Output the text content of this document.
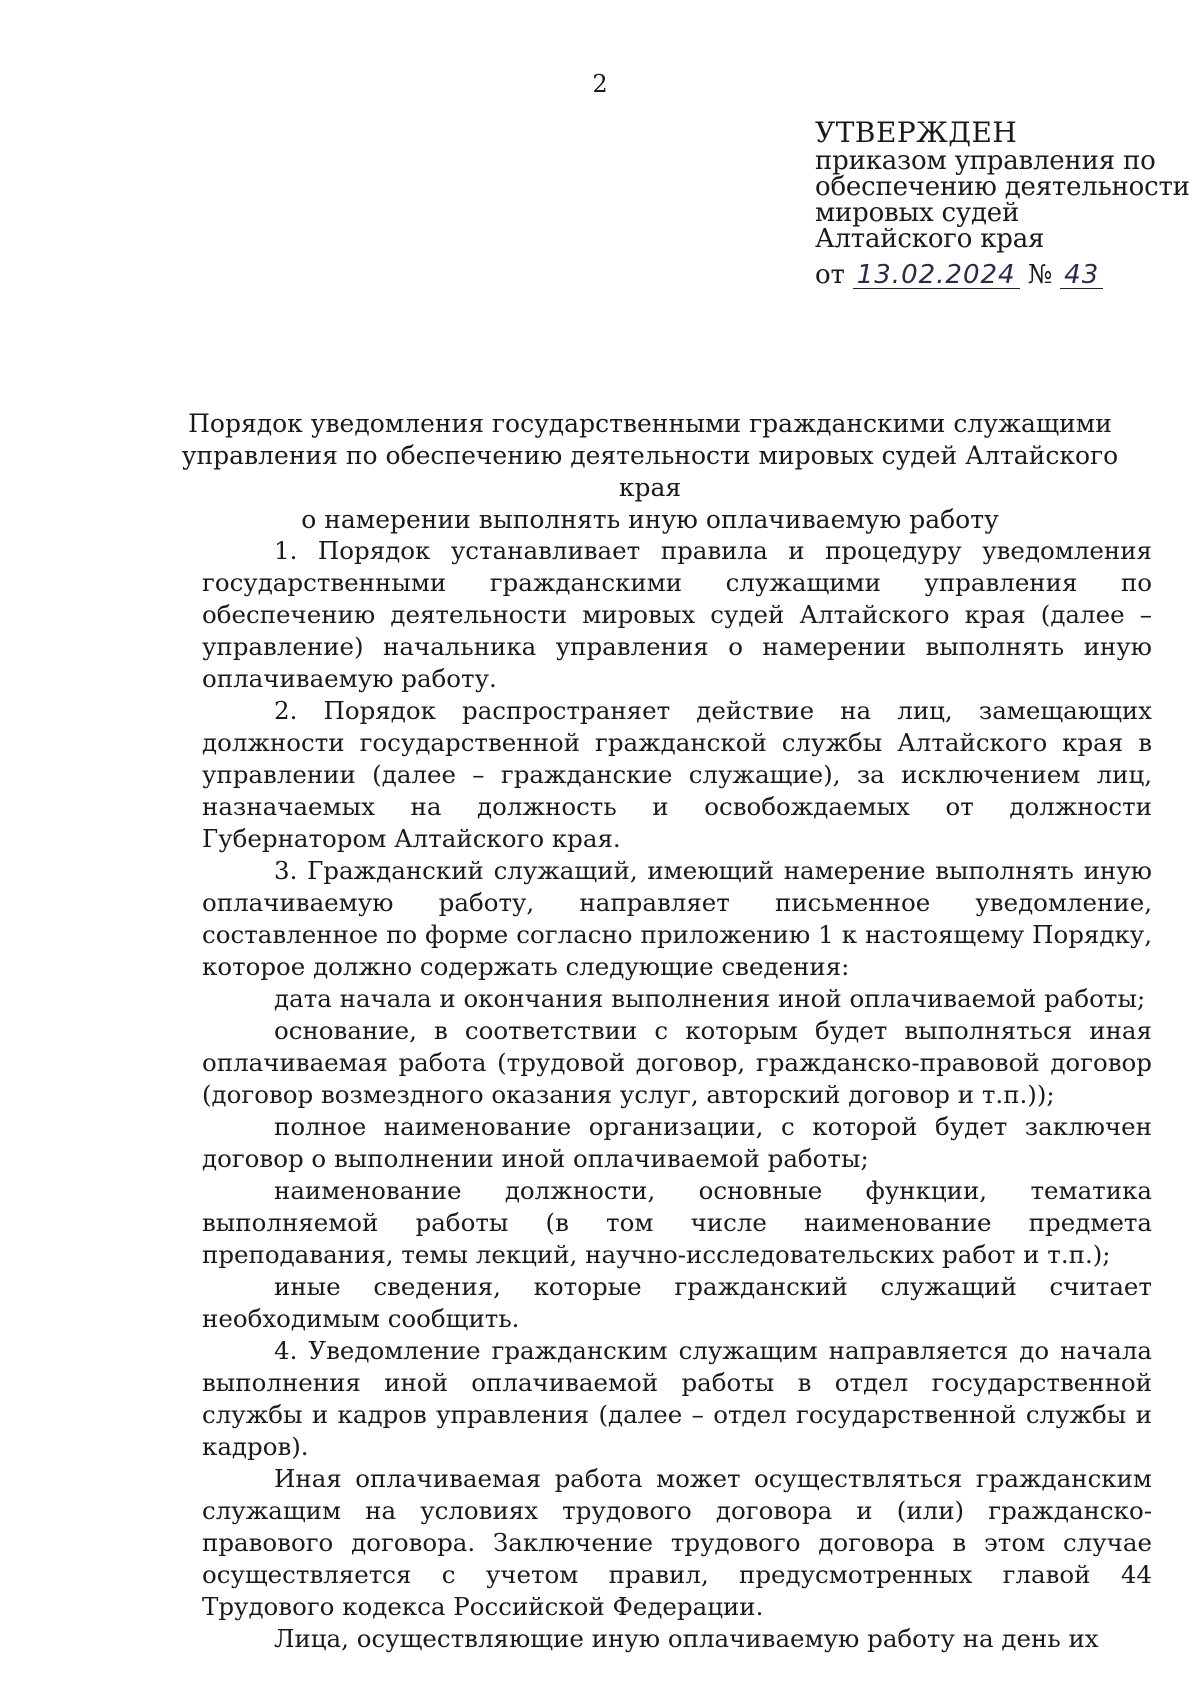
2
УТВЕРЖДЕН
приказом управления по
обеспечению деятельности
мировых судей
Алтайского края
от 13.02.2024 № 43
Порядок уведомления государственными гражданскими служащими
управления по обеспечению деятельности мировых судей Алтайского края
о намерении выполнять иную оплачиваемую работу

1. Порядок устанавливает правила и процедуру уведомления государственными гражданскими служащими управления по обеспечению деятельности мировых судей Алтайского края (далее – управление) начальника управления о намерении выполнять иную оплачиваемую работу.

2. Порядок распространяет действие на лиц, замещающих должности государственной гражданской службы Алтайского края в управлении (далее – гражданские служащие), за исключением лиц, назначаемых на должность и освобождаемых от должности Губернатором Алтайского края.

3. Гражданский служащий, имеющий намерение выполнять иную оплачиваемую работу, направляет письменное уведомление, составленное по форме согласно приложению 1 к настоящему Порядку, которое должно содержать следующие сведения:

дата начала и окончания выполнения иной оплачиваемой работы;

основание, в соответствии с которым будет выполняться иная оплачиваемая работа (трудовой договор, гражданско-правовой договор (договор возмездного оказания услуг, авторский договор и т.п.));

полное наименование организации, с которой будет заключен договор о выполнении иной оплачиваемой работы;

наименование должности, основные функции, тематика выполняемой работы (в том числе наименование предмета преподавания, темы лекций, научно-исследовательских работ и т.п.);

иные сведения, которые гражданский служащий считает необходимым сообщить.

4. Уведомление гражданским служащим направляется до начала выполнения иной оплачиваемой работы в отдел государственной службы и кадров управления (далее – отдел государственной службы и кадров).

Иная оплачиваемая работа может осуществляться гражданским служащим на условиях трудового договора и (или) гражданско-правового договора. Заключение трудового договора в этом случае осуществляется с учетом правил, предусмотренных главой 44 Трудового кодекса Российской Федерации.

Лица, осуществляющие иную оплачиваемую работу на день их
